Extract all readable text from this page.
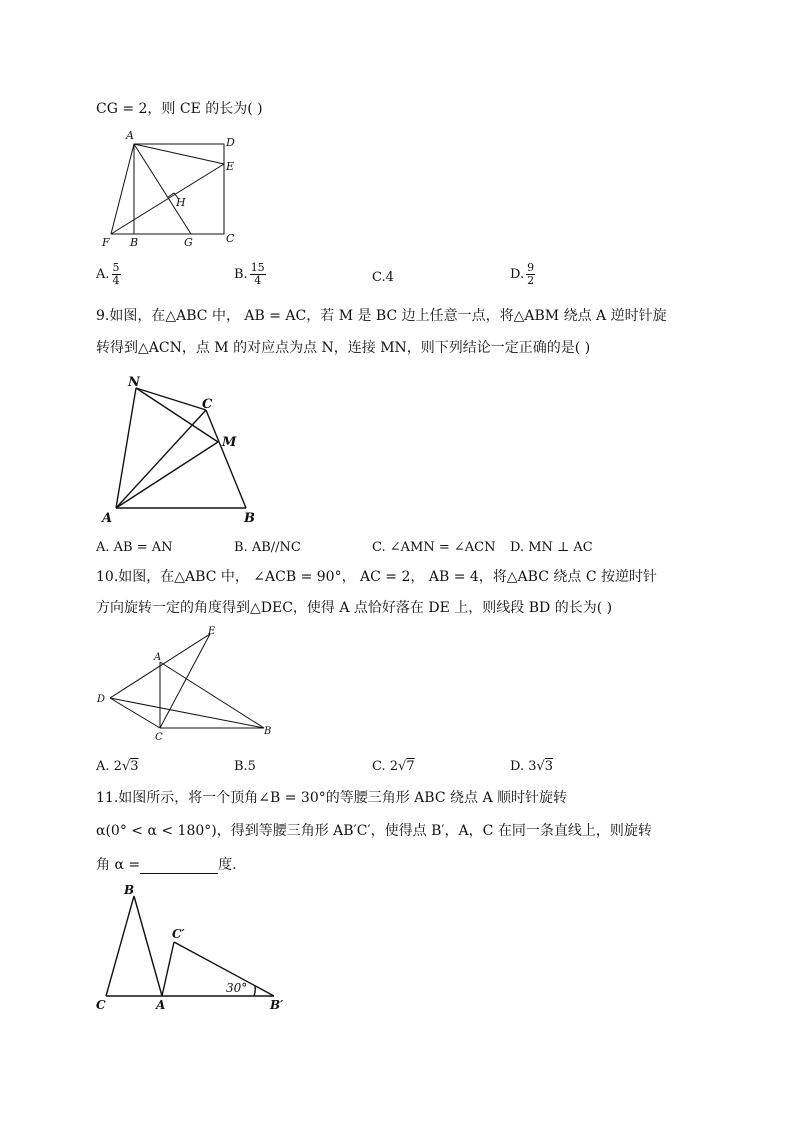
CG = 2，则 CE 的长为( )
A
D
E
H
F B	G	C
A. $\frac{5}{4}$	B. $\frac{15}{4}$	C.4	D. $\frac{9}{2}$
9.如图，在△ABC 中， AB = AC，若 M 是 BC 边上任意一点，将△ABM 绕点 A 逆时针旋
转得到△ACN，点 M 的对应点为点 N，连接 MN，则下列结论一定正确的是( )
N
C
M
A	B
A. AB = AN	B. AB//NC	C. ∠AMN = ∠ACN D. MN ⊥ AC
10.如图，在△ABC 中， ∠ACB = 90°， AC = 2， AB = 4，将△ABC 绕点 C 按逆时针
方向旋转一定的角度得到△DEC，使得 A 点恰好落在 DE 上，则线段 BD 的长为( )
E
A
D
B
C
A. 2√3	B.5	C. 2√7	D. 3√3
11.如图所示，将一个顶角∠B = 30°的等腰三角形 ABC 绕点 A 顺时针旋转
α(0° < α < 180°)，得到等腰三角形 AB′C′，使得点 B′，A，C 在同一条直线上，则旋转
角 α =	度.
B
C′
C	A
30°
B′
